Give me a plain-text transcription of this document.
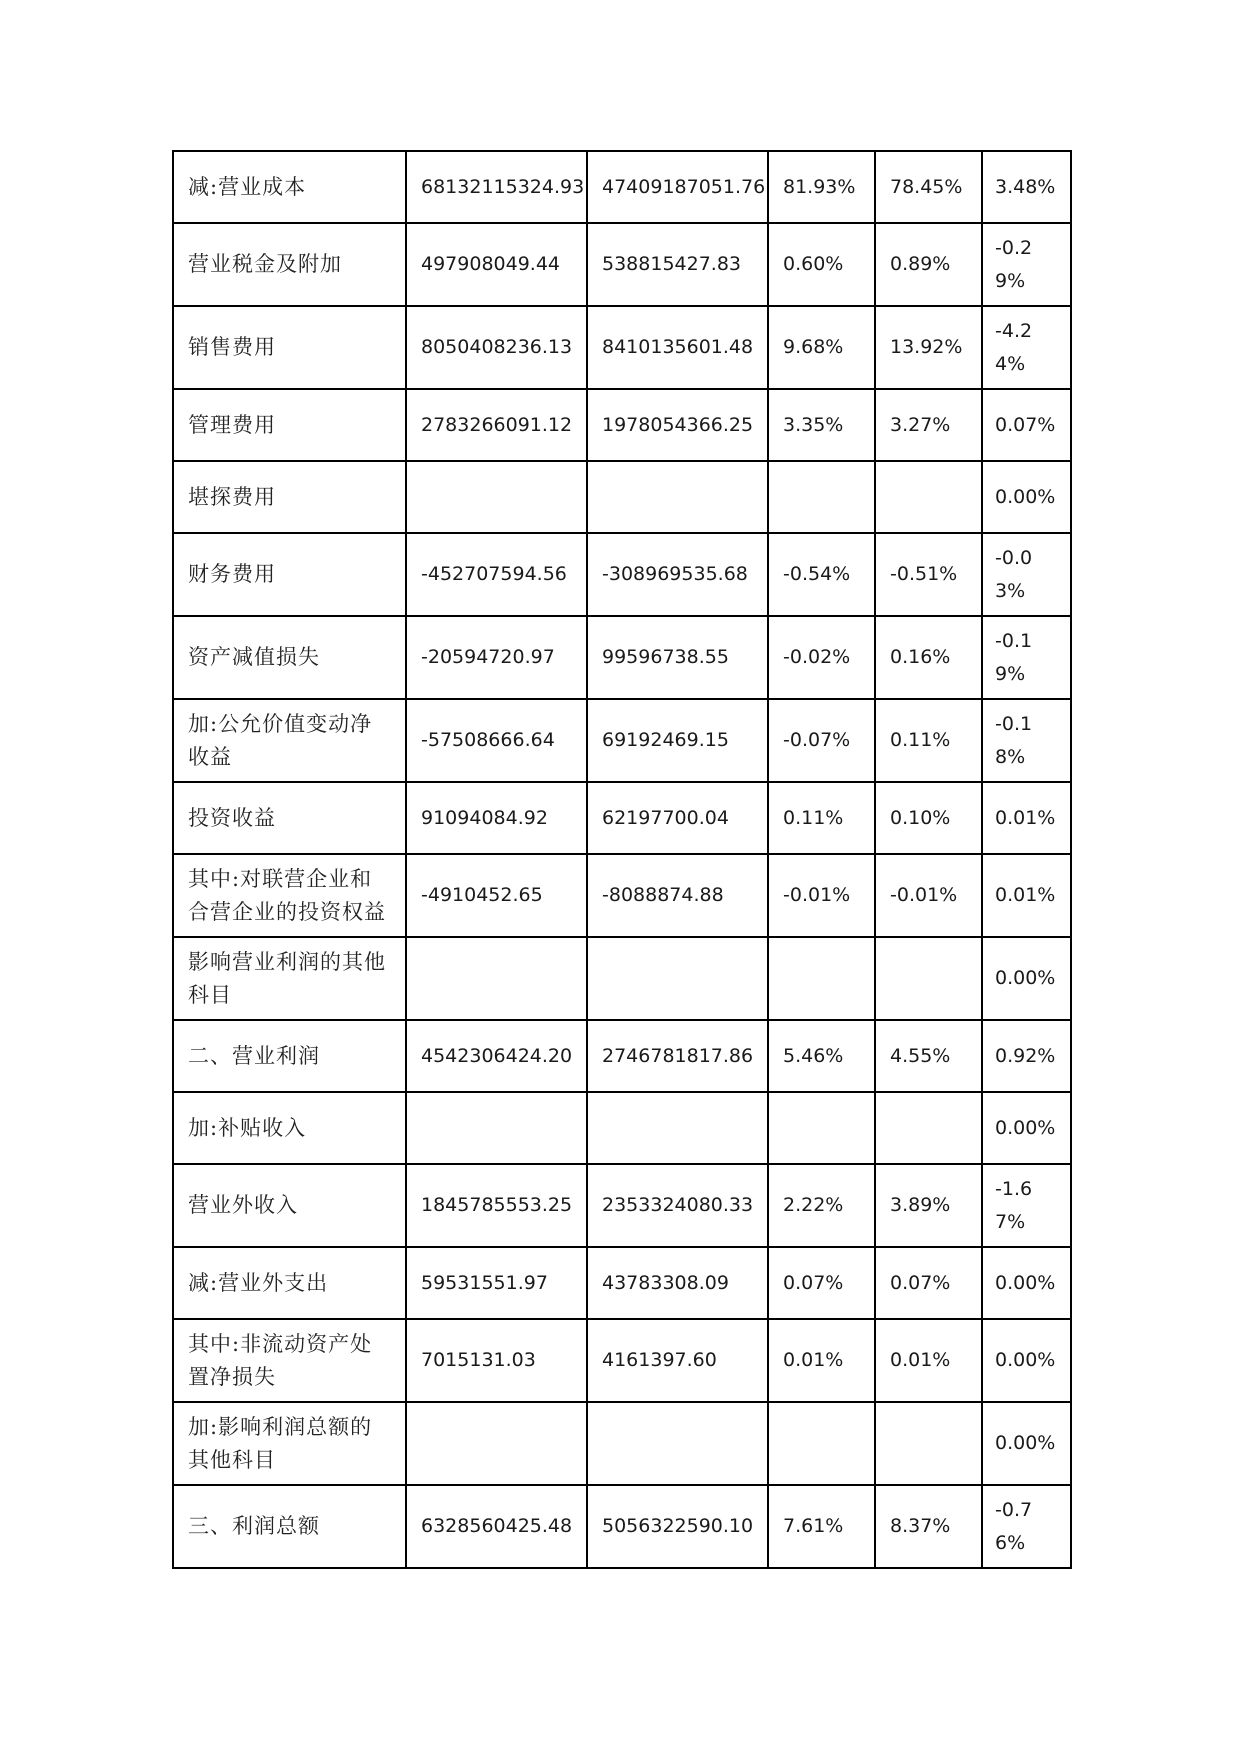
减:营业成本	68132115324.93	47409187051.76	81.93%	78.45%	3.48%
营业税金及附加	497908049.44	538815427.83	0.60%	0.89%	-0.29%
销售费用	8050408236.13	8410135601.48	9.68%	13.92%	-4.24%
管理费用	2783266091.12	1978054366.25	3.35%	3.27%	0.07%
堪探费用					0.00%
财务费用	-452707594.56	-308969535.68	-0.54%	-0.51%	-0.03%
资产减值损失	-20594720.97	99596738.55	-0.02%	0.16%	-0.19%
加:公允价值变动净收益	-57508666.64	69192469.15	-0.07%	0.11%	-0.18%
投资收益	91094084.92	62197700.04	0.11%	0.10%	0.01%
其中:对联营企业和合营企业的投资权益	-4910452.65	-8088874.88	-0.01%	-0.01%	0.01%
影响营业利润的其他科目					0.00%
二、营业利润	4542306424.20	2746781817.86	5.46%	4.55%	0.92%
加:补贴收入					0.00%
营业外收入	1845785553.25	2353324080.33	2.22%	3.89%	-1.67%
减:营业外支出	59531551.97	43783308.09	0.07%	0.07%	0.00%
其中:非流动资产处置净损失	7015131.03	4161397.60	0.01%	0.01%	0.00%
加:影响利润总额的其他科目					0.00%
三、利润总额	6328560425.48	5056322590.10	7.61%	8.37%	-0.76%
